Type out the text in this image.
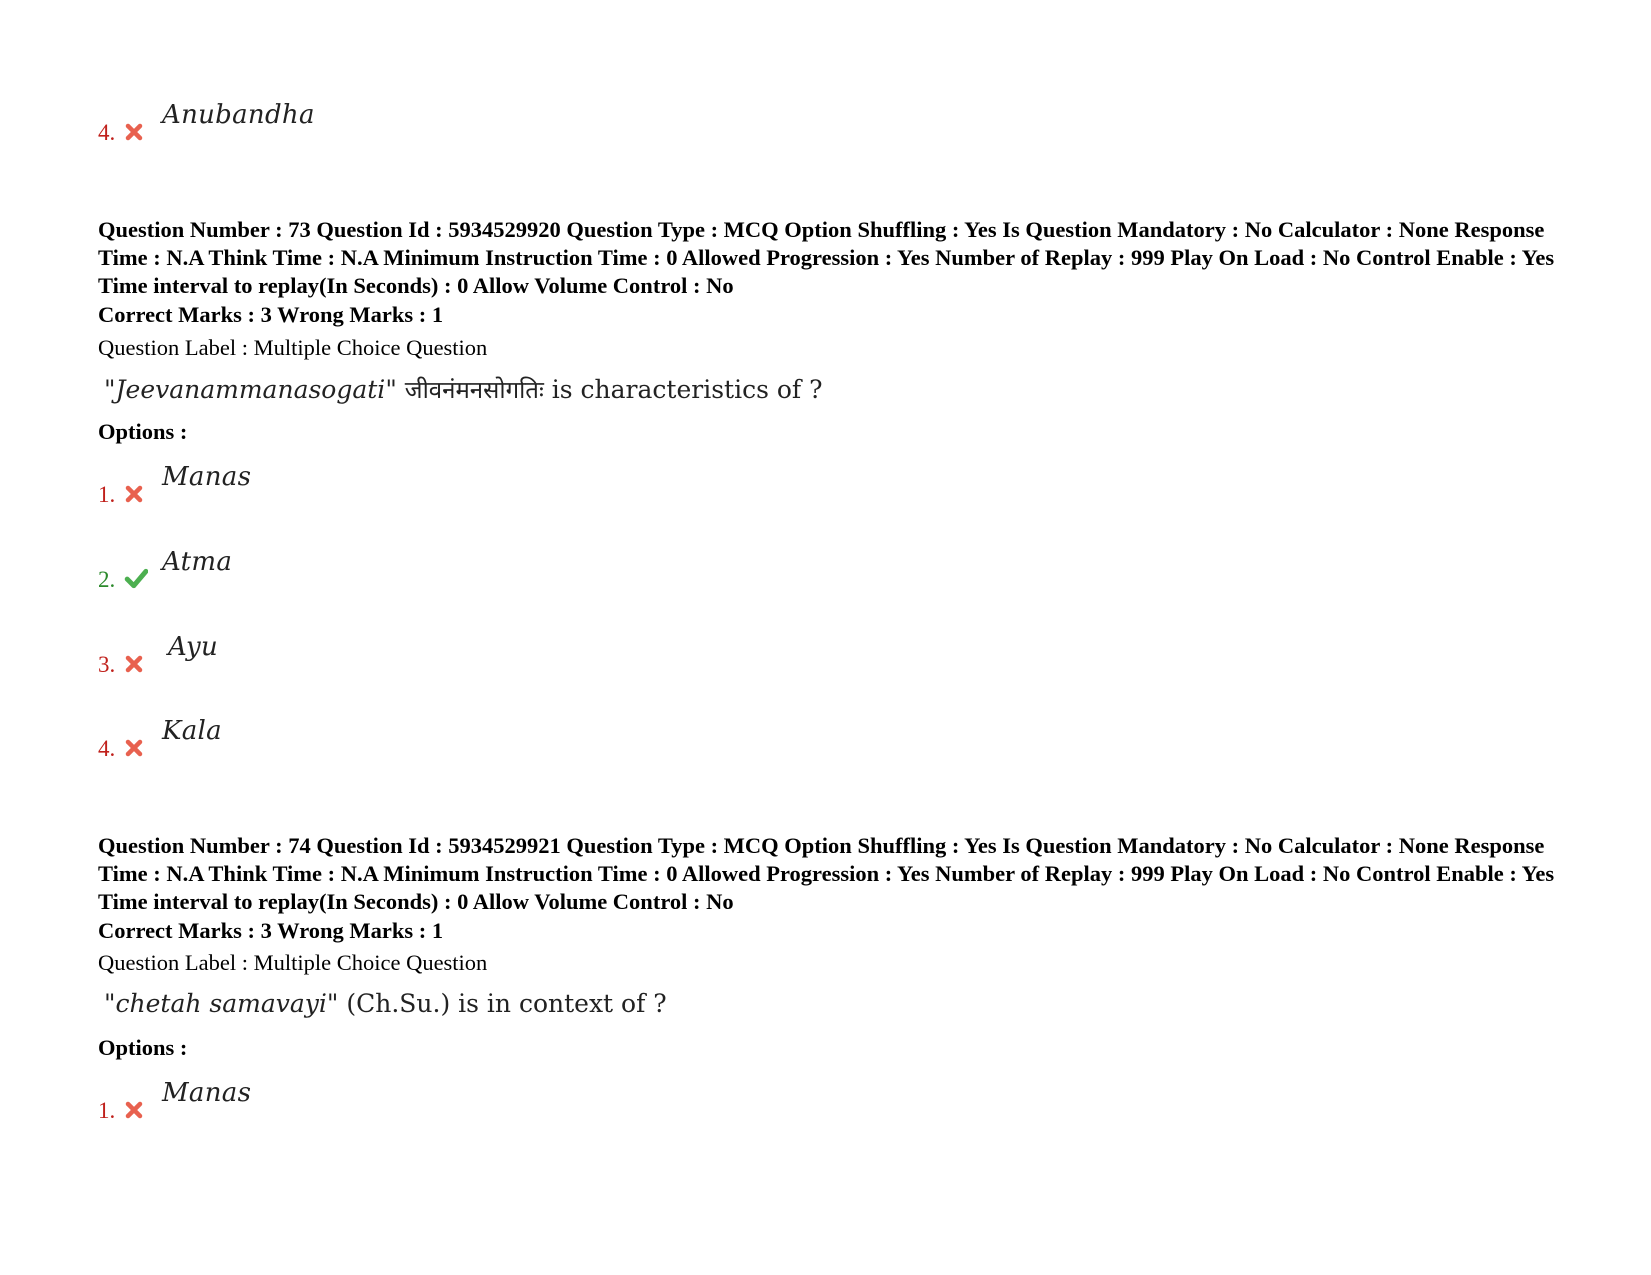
4.
Anubandha
Question Number : 73 Question Id : 5934529920 Question Type : MCQ Option Shuffling : Yes Is Question Mandatory : No Calculator : None Response Time : N.A Think Time : N.A Minimum Instruction Time : 0 Allowed Progression : Yes Number of Replay : 999 Play On Load : No Control Enable : Yes Time interval to replay(In Seconds) : 0 Allow Volume Control : No
Correct Marks : 3 Wrong Marks : 1
Question Label : Multiple Choice Question
"Jeevanammanasogati" जीवनंमनसोगतिः is characteristics of ?
Options :
1.
Manas
2.
Atma
3.
Ayu
4.
Kala
Question Number : 74 Question Id : 5934529921 Question Type : MCQ Option Shuffling : Yes Is Question Mandatory : No Calculator : None Response Time : N.A Think Time : N.A Minimum Instruction Time : 0 Allowed Progression : Yes Number of Replay : 999 Play On Load : No Control Enable : Yes Time interval to replay(In Seconds) : 0 Allow Volume Control : No
Correct Marks : 3 Wrong Marks : 1
Question Label : Multiple Choice Question
"chetah samavayi" (Ch.Su.) is in context of ?
Options :
1.
Manas
